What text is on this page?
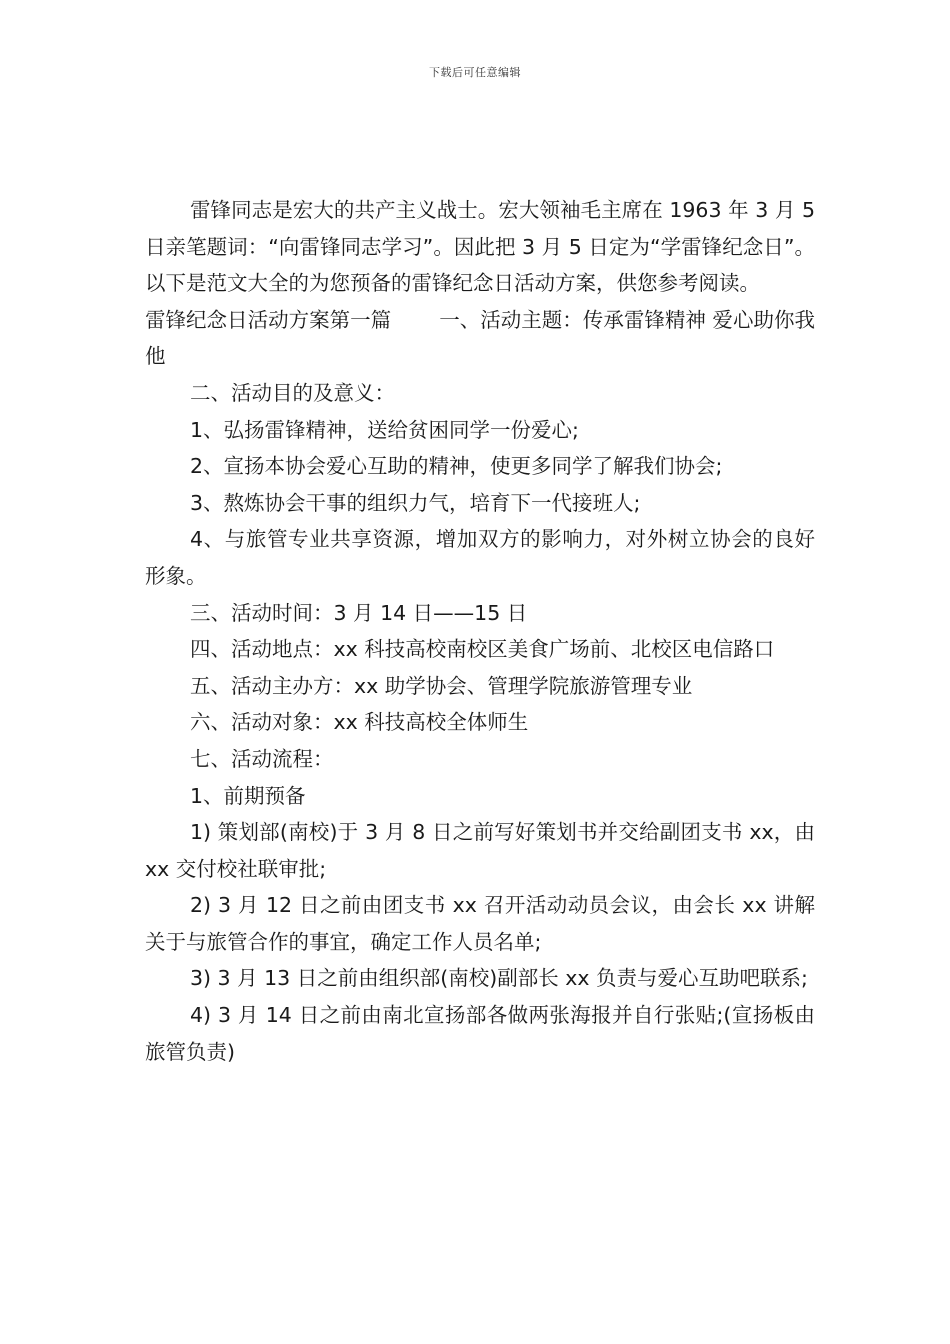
下载后可任意编辑

雷锋同志是宏大的共产主义战士。宏大领袖毛主席在 1963 年 3 月 5 日亲笔题词：“向雷锋同志学习”。因此把 3 月 5 日定为“学雷锋纪念日”。以下是范文大全的为您预备的雷锋纪念日活动方案，供您参考阅读。

雷锋纪念日活动方案第一篇 一、活动主题：传承雷锋精神 爱心助你我他

二、活动目的及意义：

1、弘扬雷锋精神，送给贫困同学一份爱心;

2、宣扬本协会爱心互助的精神，使更多同学了解我们协会;

3、熬炼协会干事的组织力气，培育下一代接班人;

4、与旅管专业共享资源，增加双方的影响力，对外树立协会的良好形象。

三、活动时间：3 月 14 日——15 日

四、活动地点：xx 科技高校南校区美食广场前、北校区电信路口

五、活动主办方：xx 助学协会、管理学院旅游管理专业

六、活动对象：xx 科技高校全体师生

七、活动流程：

1、前期预备

1) 策划部(南校)于 3 月 8 日之前写好策划书并交给副团支书 xx，由 xx 交付校社联审批;

2) 3 月 12 日之前由团支书 xx 召开活动动员会议，由会长 xx 讲解关于与旅管合作的事宜，确定工作人员名单;

3) 3 月 13 日之前由组织部(南校)副部长 xx 负责与爱心互助吧联系;

4) 3 月 14 日之前由南北宣扬部各做两张海报并自行张贴;(宣扬板由旅管负责)
